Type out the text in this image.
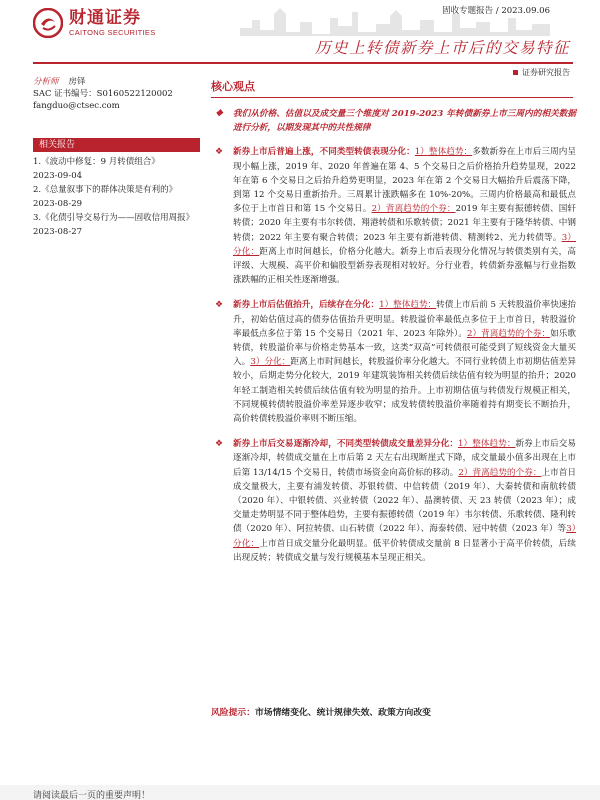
财通证券
CAITONG SECURITIES
固收专题报告 / 2023.09.06
历史上转债新券上市后的交易特征
证券研究报告
分析师 房铎
SAC 证书编号：S0160522120002
fangduo@ctsec.com
相关报告
1.《波动中修复：9 月转债组合》
2023-09-04
2.《总量叙事下的群体决策是有利的》
2023-08-29
3.《化债引导交易行为——固收信用周报》
2023-08-27
核心观点
❖ 我们从价格、估值以及成交量三个维度对 2019-2023 年转债新券上市三周内的相关数据进行分析，以期发现其中的共性规律
❖ 新券上市后普遍上涨，不同类型转债表现分化：1）整体趋势：多数新券在上市后三周内呈现小幅上涨，2019 年、2020 年普遍在第 4、5 个交易日之后价格抬升趋势显现，2022 年在第 6 个交易日之后抬升趋势更明显，2023 年在第 2 个交易日大幅抬升后震荡下降，到第 12 个交易日重新抬升。三周累计涨跌幅多在 10%-20%。三周内价格最高和最低点多位于上市首日和第 15 个交易日。2）背离趋势的个券：2019 年主要有振德转债、国轩转债；2020 年主要有韦尔转债、翔港转债和乐歌转债；2021 年主要有于隆华转债、中钢转债；2022 年主要有聚合转债；2023 年主要有新港转债、精测转2、光力转债等。3）分化：距离上市时间越长，价格分化越大。新券上市后表现分化情况与转债类别有关，高评级、大规模、高平价和偏股型新券表现相对较好。分行业看，转债新券涨幅与行业指数涨跌幅的正相关性逐渐增强。
❖ 新券上市后估值抬升，后续存在分化：1）整体趋势：转债上市后前 5 天转股溢价率快速抬升，初始估值过高的债券估值抬升更明显。转股溢价率最低点多位于上市首日，转股溢价率最低点多位于第 15 个交易日（2021 年、2023 年除外）。2）背离趋势的个券：如乐歌转债，转股溢价率与价格走势基本一致，这类“双高”可转债很可能受到了短线资金大量买入。3）分化：距离上市时间越长，转股溢价率分化越大。不同行业转债上市初期估值差异较小，后期走势分化较大，2019 年建筑装饰相关转债后续估值有较为明显的抬升；2020 年轻工制造相关转债后续估值有较为明显的抬升。上市初期估值与转债发行规模正相关，不同规模转债转股溢价率差异逐步收窄；成发转债转股溢价率随着持有期变长不断抬升，高价转债转股溢价率则不断压缩。
❖ 新券上市后交易逐渐冷却，不同类型转债成交量差异分化：1）整体趋势：新券上市后交易逐渐冷却，转债成交量在上市后第 2 天左右出现断崖式下降，成交量最小值多出现在上市后第 13/14/15 个交易日，转债市场资金向高价标的移动。2）背离趋势的个券：上市首日成交量极大，主要有浦发转债、苏银转债、中信转债（2019 年）、大秦转债和南航转债（2020 年）、中银转债、兴业转债（2022 年）、晶澳转债、天 23 转债（2023 年）；成交量走势明显不同于整体趋势，主要有振德转债（2019 年）韦尔转债、乐歌转债、隆利转债（2020 年）、阿拉转债、山石转债（2022 年）、海泰转债、冠中转债（2023 年）等3）分化：上市首日成交量分化最明显。低平价转债成交量前 8 日显著小于高平价转债，后续出现反转；转债成交量与发行规模基本呈现正相关。
风险提示：市场情绪变化、统计规律失效、政策方向改变
请阅读最后一页的重要声明！
